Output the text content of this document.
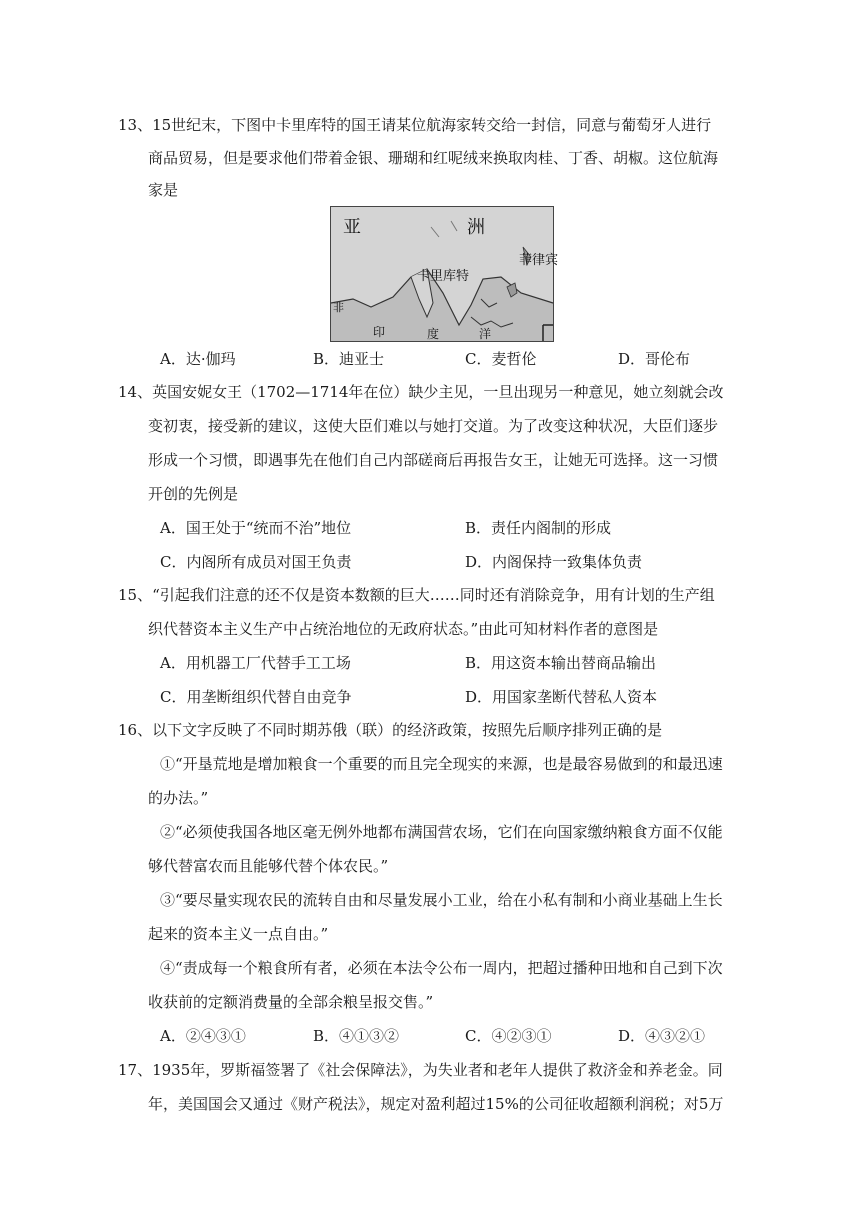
13、15世纪末，下图中卡里库特的国王请某位航海家转交给一封信，同意与葡萄牙人进行
商品贸易，但是要求他们带着金银、珊瑚和红呢绒来换取肉桂、丁香、胡椒。这位航海
家是
亚	洲
卡里库特
菲律宾
非
印	度	洋
A．达·伽玛	B．迪亚士	C．麦哲伦	D．哥伦布
14、英国安妮女王（1702—1714年在位）缺少主见，一旦出现另一种意见，她立刻就会改
变初衷，接受新的建议，这使大臣们难以与她打交道。为了改变这种状况，大臣们逐步
形成一个习惯，即遇事先在他们自己内部磋商后再报告女王，让她无可选择。这一习惯
开创的先例是
A．国王处于“统而不治”地位	B．责任内阁制的形成
C．内阁所有成员对国王负责	D．内阁保持一致集体负责
15、“引起我们注意的还不仅是资本数额的巨大……同时还有消除竞争，用有计划的生产组
织代替资本主义生产中占统治地位的无政府状态。”由此可知材料作者的意图是
A．用机器工厂代替手工工场	B．用这资本输出替商品输出
C．用垄断组织代替自由竞争	D．用国家垄断代替私人资本
16、以下文字反映了不同时期苏俄（联）的经济政策，按照先后顺序排列正确的是
①“开垦荒地是增加粮食一个重要的而且完全现实的来源，也是最容易做到的和最迅速
的办法。”
②“必须使我国各地区毫无例外地都布满国营农场，它们在向国家缴纳粮食方面不仅能
够代替富农而且能够代替个体农民。”
③“要尽量实现农民的流转自由和尽量发展小工业，给在小私有制和小商业基础上生长
起来的资本主义一点自由。”
④“责成每一个粮食所有者，必须在本法令公布一周内，把超过播种田地和自己到下次
收获前的定额消费量的全部余粮呈报交售。”
A．②④③①	B．④①③②	C．④②③①	D．④③②①
17、1935年，罗斯福签署了《社会保障法》，为失业者和老年人提供了救济金和养老金。同
年，美国国会又通过《财产税法》，规定对盈利超过15%的公司征收超额利润税；对5万
